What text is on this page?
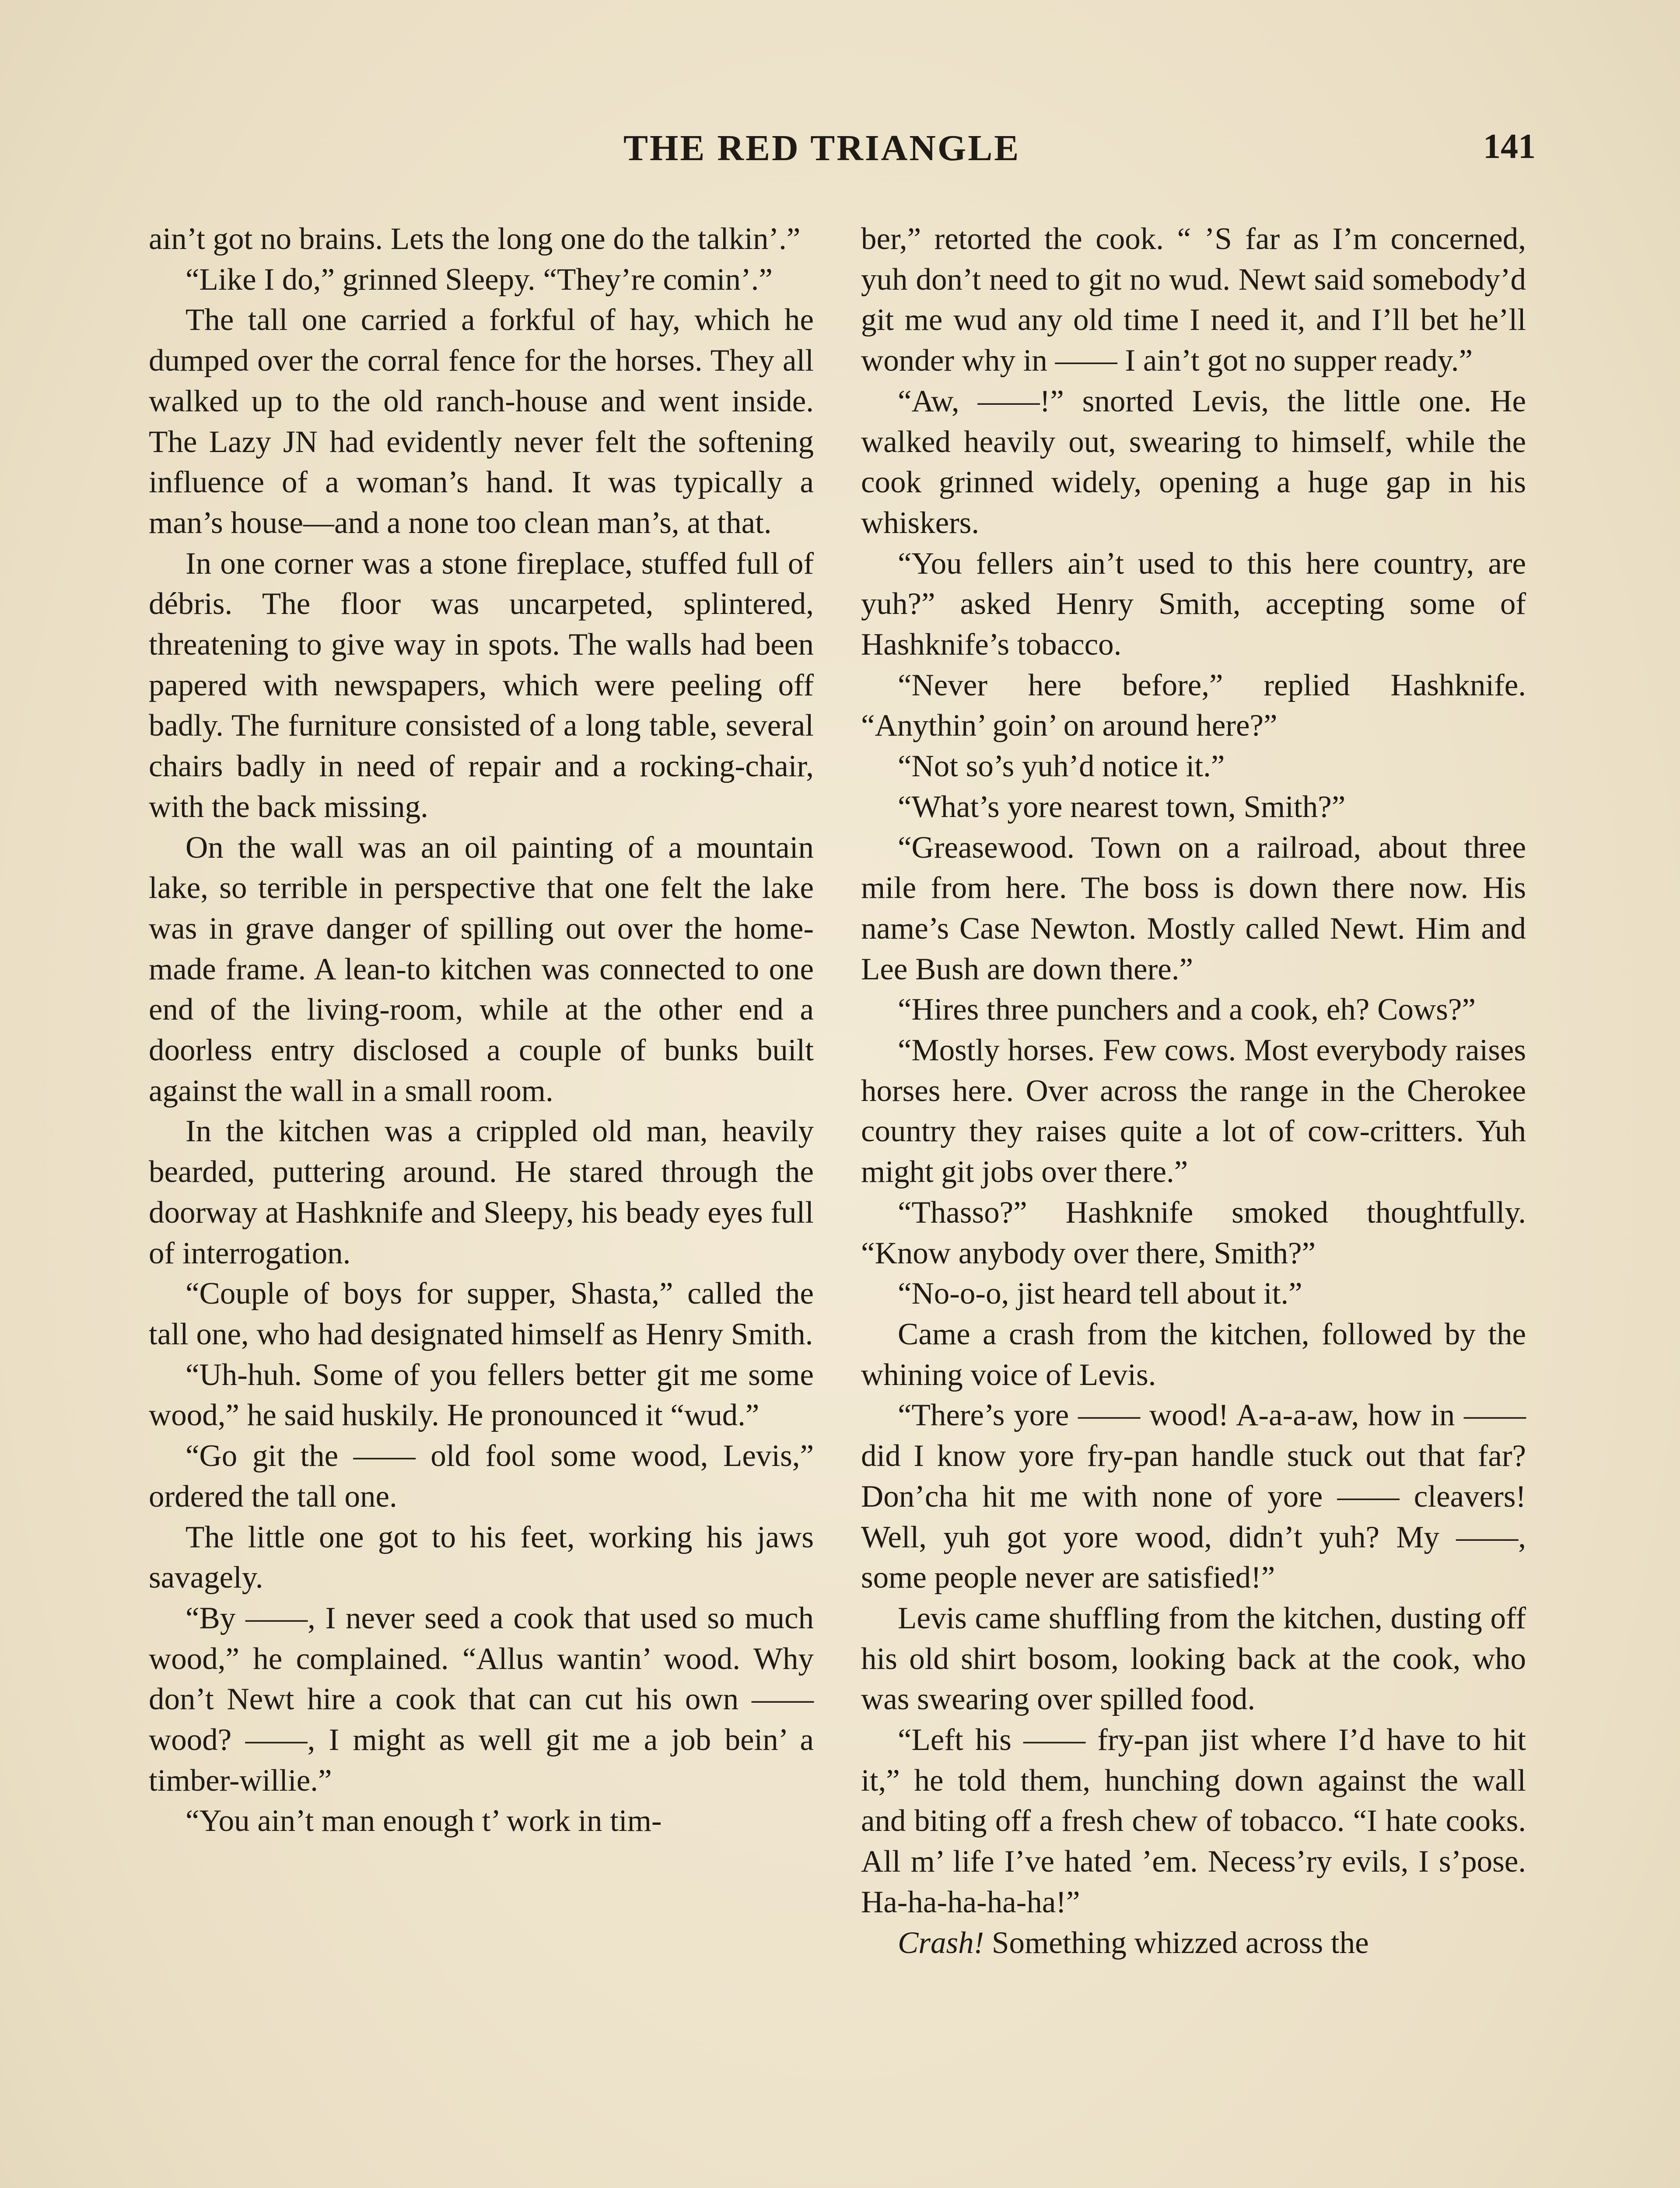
THE RED TRIANGLE	141

ain’t got no brains. Lets the long one do the talkin’.”

“Like I do,” grinned Sleepy. “They’re comin’.”

The tall one carried a forkful of hay, which he dumped over the corral fence for the horses. They all walked up to the old ranch-house and went inside. The Lazy JN had evidently never felt the softening influence of a woman’s hand. It was typically a man’s house—and a none too clean man’s, at that.

In one corner was a stone fireplace, stuffed full of débris. The floor was uncarpeted, splintered, threatening to give way in spots. The walls had been papered with newspapers, which were peeling off badly. The furniture consisted of a long table, several chairs badly in need of repair and a rocking-chair, with the back missing.

On the wall was an oil painting of a mountain lake, so terrible in perspective that one felt the lake was in grave danger of spilling out over the home-made frame. A lean-to kitchen was connected to one end of the living-room, while at the other end a doorless entry disclosed a couple of bunks built against the wall in a small room.

In the kitchen was a crippled old man, heavily bearded, puttering around. He stared through the doorway at Hashknife and Sleepy, his beady eyes full of interrogation.

“Couple of boys for supper, Shasta,” called the tall one, who had designated himself as Henry Smith.

“Uh-huh. Some of you fellers better git me some wood,” he said huskily. He pronounced it “wud.”

“Go git the —— old fool some wood, Levis,” ordered the tall one.

The little one got to his feet, working his jaws savagely.

“By ——, I never seed a cook that used so much wood,” he complained. “Allus wantin’ wood. Why don’t Newt hire a cook that can cut his own —— wood? ——, I might as well git me a job bein’ a timber-willie.”

“You ain’t man enough t’ work in tim-

ber,” retorted the cook. “ ’S far as I’m concerned, yuh don’t need to git no wud. Newt said somebody’d git me wud any old time I need it, and I’ll bet he’ll wonder why in —— I ain’t got no supper ready.”

“Aw, ——!” snorted Levis, the little one. He walked heavily out, swearing to himself, while the cook grinned widely, opening a huge gap in his whiskers.

“You fellers ain’t used to this here country, are yuh?” asked Henry Smith, accepting some of Hashknife’s tobacco.

“Never here before,” replied Hashknife. “Anythin’ goin’ on around here?”

“Not so’s yuh’d notice it.”

“What’s yore nearest town, Smith?”

“Greasewood. Town on a railroad, about three mile from here. The boss is down there now. His name’s Case Newton. Mostly called Newt. Him and Lee Bush are down there.”

“Hires three punchers and a cook, eh? Cows?”

“Mostly horses. Few cows. Most everybody raises horses here. Over across the range in the Cherokee country they raises quite a lot of cow-critters. Yuh might git jobs over there.”

“Thasso?” Hashknife smoked thoughtfully. “Know anybody over there, Smith?”

“No-o-o, jist heard tell about it.”

Came a crash from the kitchen, followed by the whining voice of Levis.

“There’s yore —— wood! A-a-a-aw, how in —— did I know yore fry-pan handle stuck out that far? Don’cha hit me with none of yore —— cleavers! Well, yuh got yore wood, didn’t yuh? My ——, some people never are satisfied!”

Levis came shuffling from the kitchen, dusting off his old shirt bosom, looking back at the cook, who was swearing over spilled food.

“Left his —— fry-pan jist where I’d have to hit it,” he told them, hunching down against the wall and biting off a fresh chew of tobacco. “I hate cooks. All m’ life I’ve hated ’em. Necess’ry evils, I s’pose. Ha-ha-ha-ha-ha!”

Crash! Something whizzed across the
